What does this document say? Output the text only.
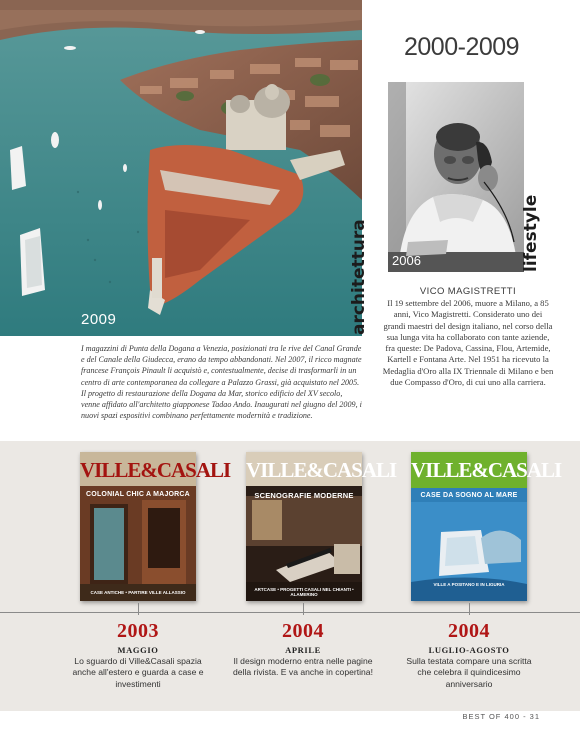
2009	architettura
I magazzini di Punta della Dogana a Venezia, posizionati tra le rive del Canal Grande e del Canale della Giudecca, erano da tempo abbandonati. Nel 2007, il ricco magnate francese François Pinault li acquistò e, contestualmente, decise di trasformarli in un centro di arte contemporanea da collegare a Palazzo Grassi, già acquistato nel 2005. Il progetto di restaurazione della Dogana da Mar, storico edificio del XV secolo, venne affidato all'architetto giapponese Tadao Ando. Inaugurati nel giugno del 2009, i nuovi spazi espositivi combinano perfettamente modernità e tradizione.
2000-2009
2006	lifestyle
VICO MAGISTRETTI
Il 19 settembre del 2006, muore a Milano, a 85 anni, Vico Magistretti. Considerato uno dei grandi maestri del design italiano, nel corso della sua lunga vita ha collaborato con tante aziende, fra queste: De Padova, Cassina, Flou, Artemide, Kartell e Fontana Arte. Nel 1951 ha ricevuto la Medaglia d'Oro alla IX Triennale di Milano e ben due Compasso d'Oro, di cui uno alla carriera.
VILLE&CASALI
COLONIAL CHIC A MAJORCA
CASE ANTICHE • PARTIRE VILLE ALLASSIO
VILLE&CASALI
SCENOGRAFIE MODERNE
ARTCASE • PROGETTI CASALI NEL CHIANTI • ALAMERINO
VILLE&CASALI
CASE DA SOGNO AL MARE
VILLE A POSITANO E IN LIGURIA
2003
MAGGIO
Lo sguardo di Ville&Casali spazia anche all'estero e guarda a case e investimenti
2004
APRILE
Il design moderno entra nelle pagine della rivista. E va anche in copertina!
2004
LUGLIO-AGOSTO
Sulla testata compare una scritta che celebra il quindicesimo anniversario
BEST OF 400 - 31
